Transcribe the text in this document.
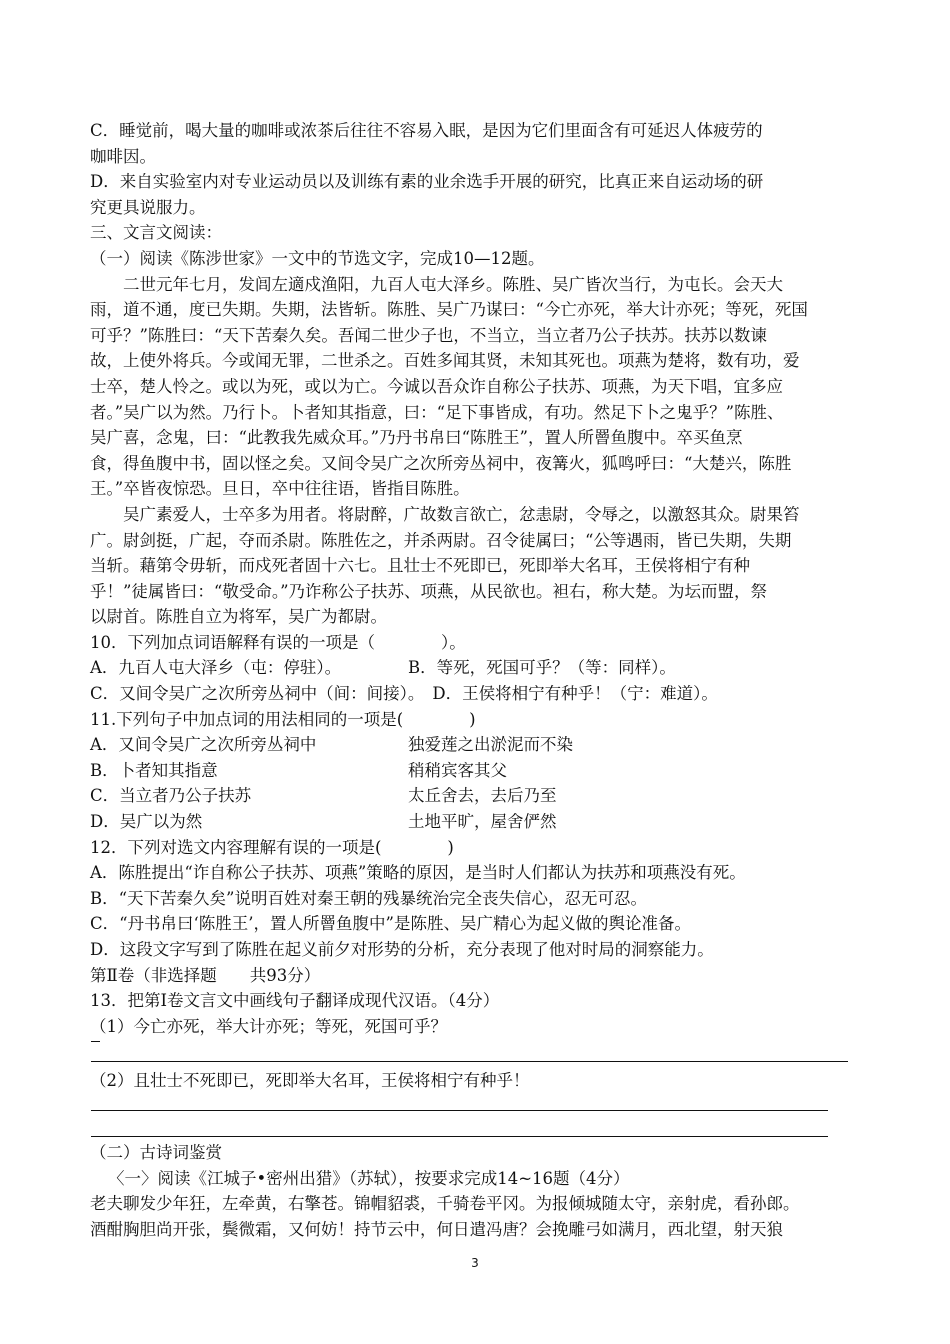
C．睡觉前，喝大量的咖啡或浓茶后往往不容易入眠，是因为它们里面含有可延迟人体疲劳的

咖啡因。

D．来自实验室内对专业运动员以及训练有素的业余选手开展的研究，比真正来自运动场的研

究更具说服力。

三、文言文阅读：

（一）阅读《陈涉世家》一文中的节选文字，完成10—12题。

二世元年七月，发闾左適戍渔阳，九百人屯大泽乡。陈胜、吴广皆次当行，为屯长。会天大

雨，道不通，度已失期。失期，法皆斩。陈胜、吴广乃谋曰：“今亡亦死，举大计亦死；等死，死国

可乎？”陈胜曰：“天下苦秦久矣。吾闻二世少子也，不当立，当立者乃公子扶苏。扶苏以数谏

故，上使外将兵。今或闻无罪，二世杀之。百姓多闻其贤，未知其死也。项燕为楚将，数有功，爱

士卒，楚人怜之。或以为死，或以为亡。今诚以吾众诈自称公子扶苏、项燕，为天下唱，宜多应

者。”吴广以为然。乃行卜。卜者知其指意，曰：“足下事皆成，有功。然足下卜之鬼乎？”陈胜、

吴广喜，念鬼，曰：“此教我先威众耳。”乃丹书帛曰“陈胜王”，置人所罾鱼腹中。卒买鱼烹

食，得鱼腹中书，固以怪之矣。又间令吴广之次所旁丛祠中，夜篝火，狐鸣呼曰：“大楚兴，陈胜

王。”卒皆夜惊恐。旦日，卒中往往语，皆指目陈胜。

吴广素爱人，士卒多为用者。将尉醉，广故数言欲亡，忿恚尉，令辱之，以激怒其众。尉果笞

广。尉剑挺，广起，夺而杀尉。陈胜佐之，并杀两尉。召令徒属曰；“公等遇雨，皆已失期，失期

当斩。藉第令毋斩，而戍死者固十六七。且壮士不死即已，死即举大名耳，王侯将相宁有种

乎！”徒属皆曰：“敬受命。”乃诈称公子扶苏、项燕，从民欲也。袒右，称大楚。为坛而盟，祭

以尉首。陈胜自立为将军，吴广为都尉。

10．下列加点词语解释有误的一项是（　　　　）。

A．九百人屯大泽乡（屯：停驻）。	B．等死，死国可乎？（等：同样）。
C．又间令吴广之次所旁丛祠中（间：间接）。 D．王侯将相宁有种乎！（宁：难道）。

11.下列句子中加点词的用法相同的一项是(　　　　)

A．又间令吴广之次所旁丛祠中	独爱莲之出淤泥而不染
B．卜者知其指意	稍稍宾客其父
C．当立者乃公子扶苏	太丘舍去，去后乃至
D．吴广以为然	土地平旷，屋舍俨然

12．下列对选文内容理解有误的一项是(　　　　)

A．陈胜提出“诈自称公子扶苏、项燕”策略的原因，是当时人们都认为扶苏和项燕没有死。

B．“天下苦秦久矣”说明百姓对秦王朝的残暴统治完全丧失信心，忍无可忍。

C．“丹书帛曰‘陈胜王’，置人所罾鱼腹中”是陈胜、吴广精心为起义做的舆论准备。

D．这段文字写到了陈胜在起义前夕对形势的分析，充分表现了他对时局的洞察能力。

第Ⅱ卷（非选择题　　共93分）

13．把第Ⅰ卷文言文中画线句子翻译成现代汉语。（4分）

（1）今亡亦死，举大计亦死；等死，死国可乎？

（2）且壮士不死即已，死即举大名耳，王侯将相宁有种乎！

（二）古诗词鉴赏

〈一〉阅读《江城子•密州出猎》（苏轼），按要求完成14~16题（4分）

老夫聊发少年狂，左牵黄，右擎苍。锦帽貂裘，千骑卷平冈。为报倾城随太守，亲射虎，看孙郎。

酒酣胸胆尚开张，鬓微霜，又何妨！持节云中，何日遣冯唐？会挽雕弓如满月，西北望，射天狼

3
